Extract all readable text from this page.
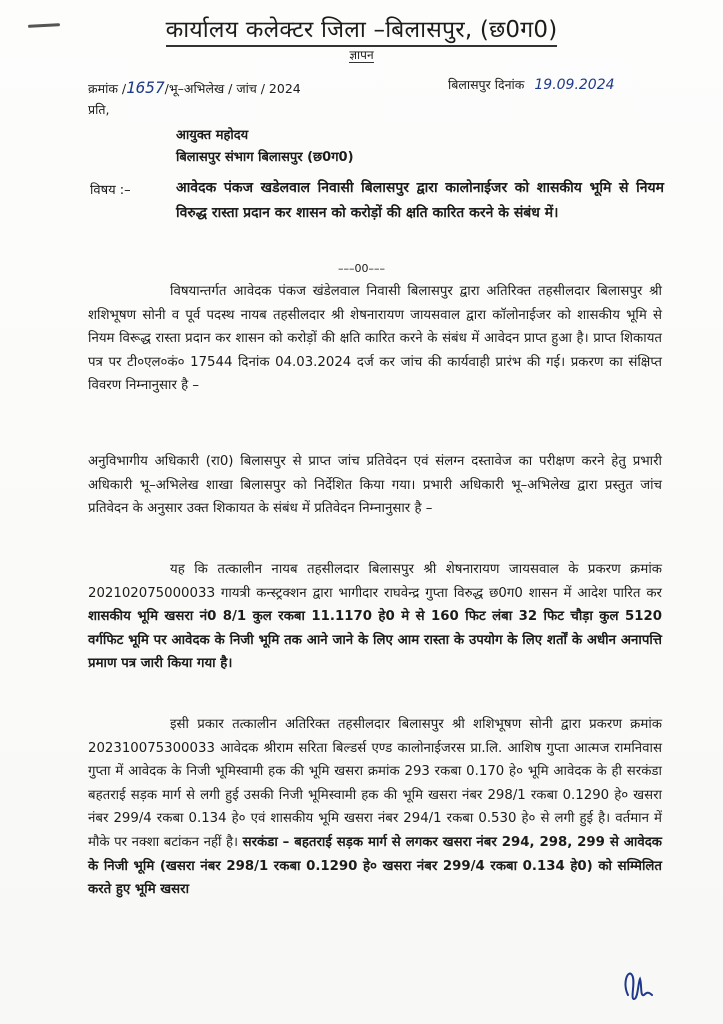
कार्यालय कलेक्टर जिला –बिलासपुर, (छ0ग0)
ज्ञापन
क्रमांक /1657/भू–अभिलेख / जांच / 2024	बिलासपुर दिनांक 19.09.2024
प्रति,
आयुक्त महोदय
बिलासपुर संभाग बिलासपुर (छ0ग0)
विषय :–	आवेदक पंकज खडेलवाल निवासी बिलासपुर द्वारा कालोनाईजर को शासकीय भूमि से नियम विरुद्ध रास्ता प्रदान कर शासन को करोड़ों की क्षति कारित करने के संबंध में।
–––00–––

विषयान्तर्गत आवेदक पंकज खंडेलवाल निवासी बिलासपुर द्वारा अतिरिक्त तहसीलदार बिलासपुर श्री शशिभूषण सोनी व पूर्व पदस्थ नायब तहसीलदार श्री शेषनारायण जायसवाल द्वारा कॉलोनाईजर को शासकीय भूमि से नियम विरूद्ध रास्ता प्रदान कर शासन को करोड़ों की क्षति कारित करने के संबंध में आवेदन प्राप्त हुआ है। प्राप्त शिकायत पत्र पर टी०एल०कं० 17544 दिनांक 04.03.2024 दर्ज कर जांच की कार्यवाही प्रारंभ की गई। प्रकरण का संक्षिप्त विवरण निम्नानुसार है –

अनुविभागीय अधिकारी (रा0) बिलासपुर से प्राप्त जांच प्रतिवेदन एवं संलग्न दस्तावेज का परीक्षण करने हेतु प्रभारी अधिकारी भू–अभिलेख शाखा बिलासपुर को निर्देशित किया गया। प्रभारी अधिकारी भू–अभिलेख द्वारा प्रस्तुत जांच प्रतिवेदन के अनुसार उक्त शिकायत के संबंध में प्रतिवेदन निम्नानुसार है –

यह कि तत्कालीन नायब तहसीलदार बिलासपुर श्री शेषनारायण जायसवाल के प्रकरण क्रमांक 20210207500003З गायत्री कन्स्ट्रक्शन द्वारा भागीदार राघवेन्द्र गुप्ता विरुद्ध छ0ग0 शासन में आदेश पारित कर शासकीय भूमि खसरा नं0 8/1 कुल रकबा 11.1170 हे0 मे से 160 फिट लंबा 32 फिट चौड़ा कुल 5120 वर्गफिट भूमि पर आवेदक के निजी भूमि तक आने जाने के लिए आम रास्ता के उपयोग के लिए शर्तों के अधीन अनापत्ति प्रमाण पत्र जारी किया गया है।

इसी प्रकार तत्कालीन अतिरिक्त तहसीलदार बिलासपुर श्री शशिभूषण सोनी द्वारा प्रकरण क्रमांक 202310075300033 आवेदक श्रीराम सरिता बिल्डर्स एण्ड कालोनाईजरस प्रा.लि. आशिष गुप्ता आत्मज रामनिवास गुप्ता में आवेदक के निजी भूमिस्वामी हक की भूमि खसरा क्रमांक 293 रकबा 0.170 हे० भूमि आवेदक के ही सरकंडा बहतराई सड़क मार्ग से लगी हुई उसकी निजी भूमिस्वामी हक की भूमि खसरा नंबर 298/1 रकबा 0.1290 हे० खसरा नंबर 299/4 रकबा 0.134 हे० एवं शासकीय भूमि खसरा नंबर 294/1 रकबा 0.530 हे० से लगी हुई है। वर्तमान में मौके पर नक्शा बटांकन नहीं है। सरकंडा – बहतराई सड़क मार्ग से लगकर खसरा नंबर 294, 298, 299 से आवेदक के निजी भूमि (खसरा नंबर 298/1 रकबा 0.1290 हे० खसरा नंबर 299/4 रकबा 0.134 हे0) को सम्मिलित करते हुए भूमि खसरा
